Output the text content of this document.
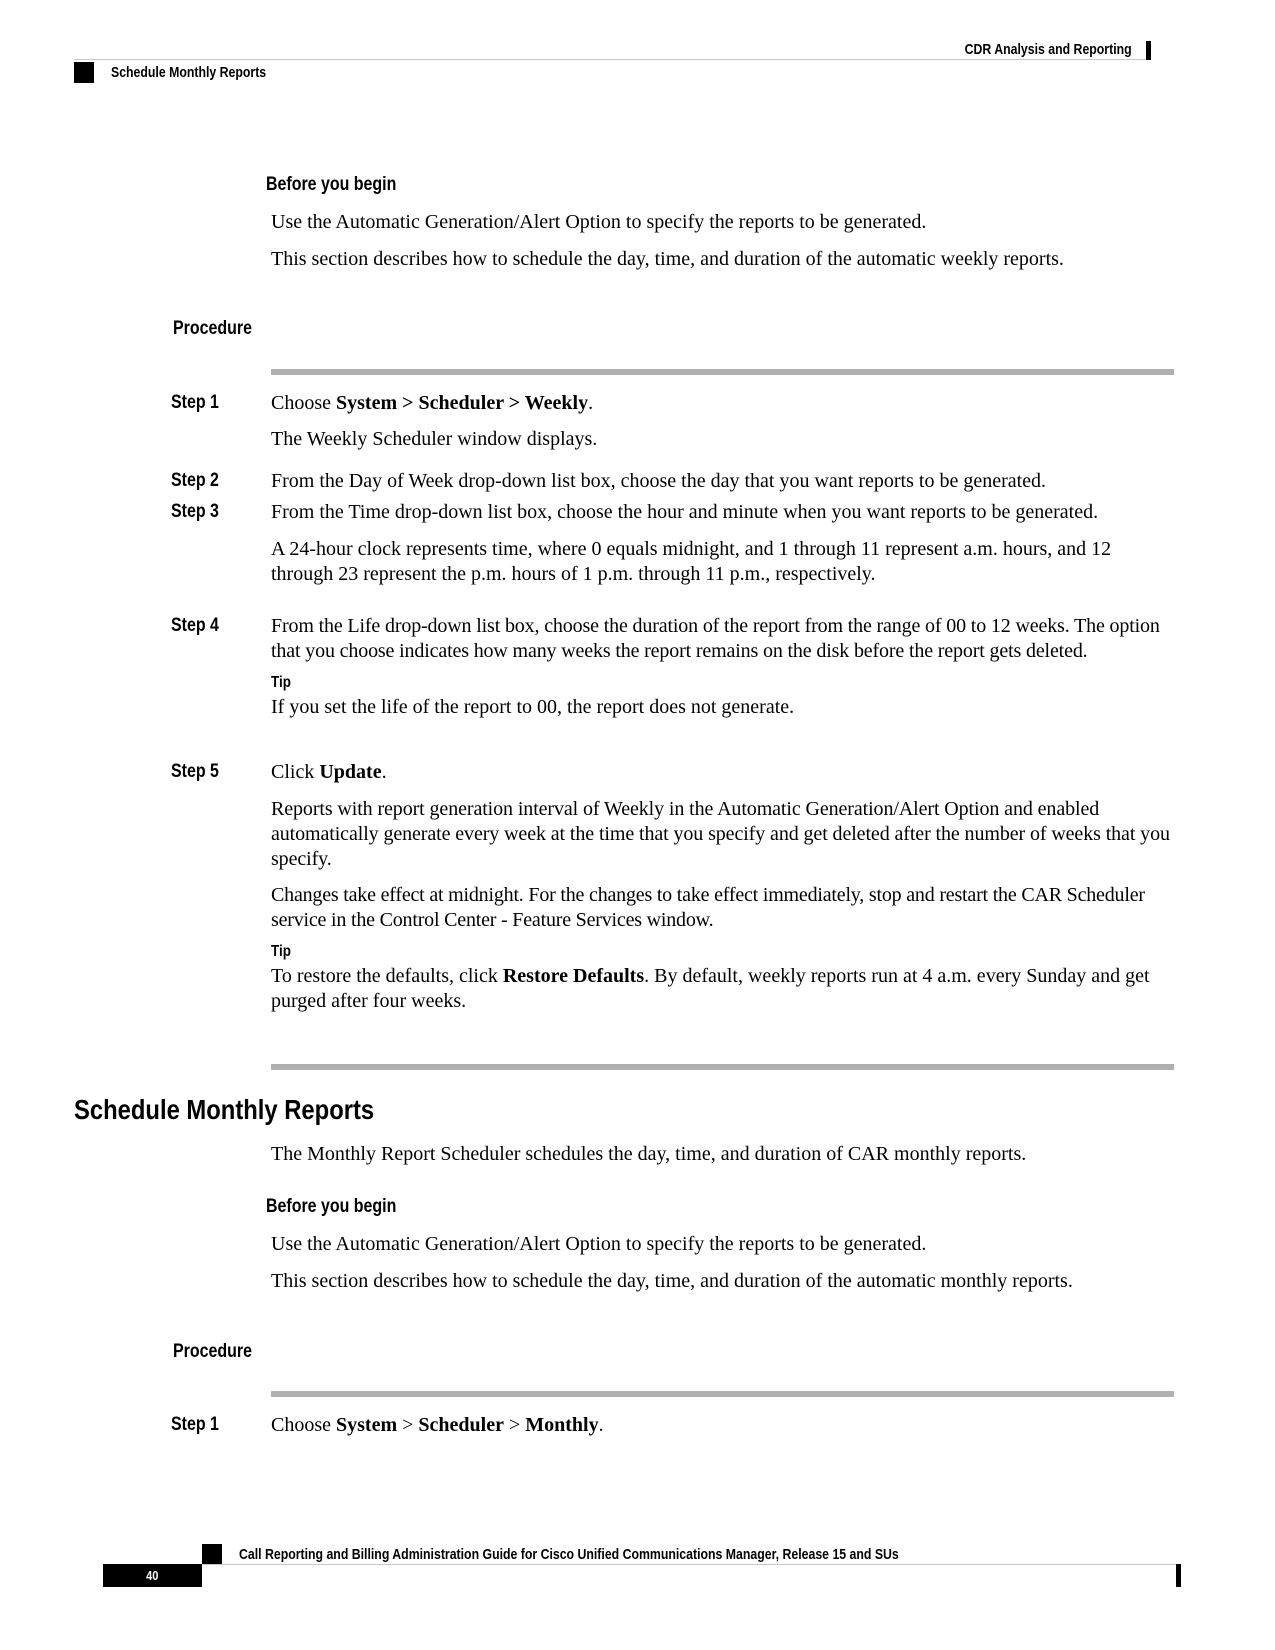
CDR Analysis and Reporting
Schedule Monthly Reports
Before you begin
Use the Automatic Generation/Alert Option to specify the reports to be generated.
This section describes how to schedule the day, time, and duration of the automatic weekly reports.
Procedure
Step 1	Choose System > Scheduler > Weekly.
The Weekly Scheduler window displays.
Step 2	From the Day of Week drop-down list box, choose the day that you want reports to be generated.
Step 3	From the Time drop-down list box, choose the hour and minute when you want reports to be generated.
A 24-hour clock represents time, where 0 equals midnight, and 1 through 11 represent a.m. hours, and 12 through 23 represent the p.m. hours of 1 p.m. through 11 p.m., respectively.
Step 4	From the Life drop-down list box, choose the duration of the report from the range of 00 to 12 weeks. The option that you choose indicates how many weeks the report remains on the disk before the report gets deleted.
Tip
If you set the life of the report to 00, the report does not generate.
Step 5	Click Update.
Reports with report generation interval of Weekly in the Automatic Generation/Alert Option and enabled automatically generate every week at the time that you specify and get deleted after the number of weeks that you specify.
Changes take effect at midnight. For the changes to take effect immediately, stop and restart the CAR Scheduler service in the Control Center - Feature Services window.
Tip
To restore the defaults, click Restore Defaults. By default, weekly reports run at 4 a.m. every Sunday and get purged after four weeks.
Schedule Monthly Reports
The Monthly Report Scheduler schedules the day, time, and duration of CAR monthly reports.
Before you begin
Use the Automatic Generation/Alert Option to specify the reports to be generated.
This section describes how to schedule the day, time, and duration of the automatic monthly reports.
Procedure
Step 1	Choose System > Scheduler > Monthly.
Call Reporting and Billing Administration Guide for Cisco Unified Communications Manager, Release 15 and SUs
40
